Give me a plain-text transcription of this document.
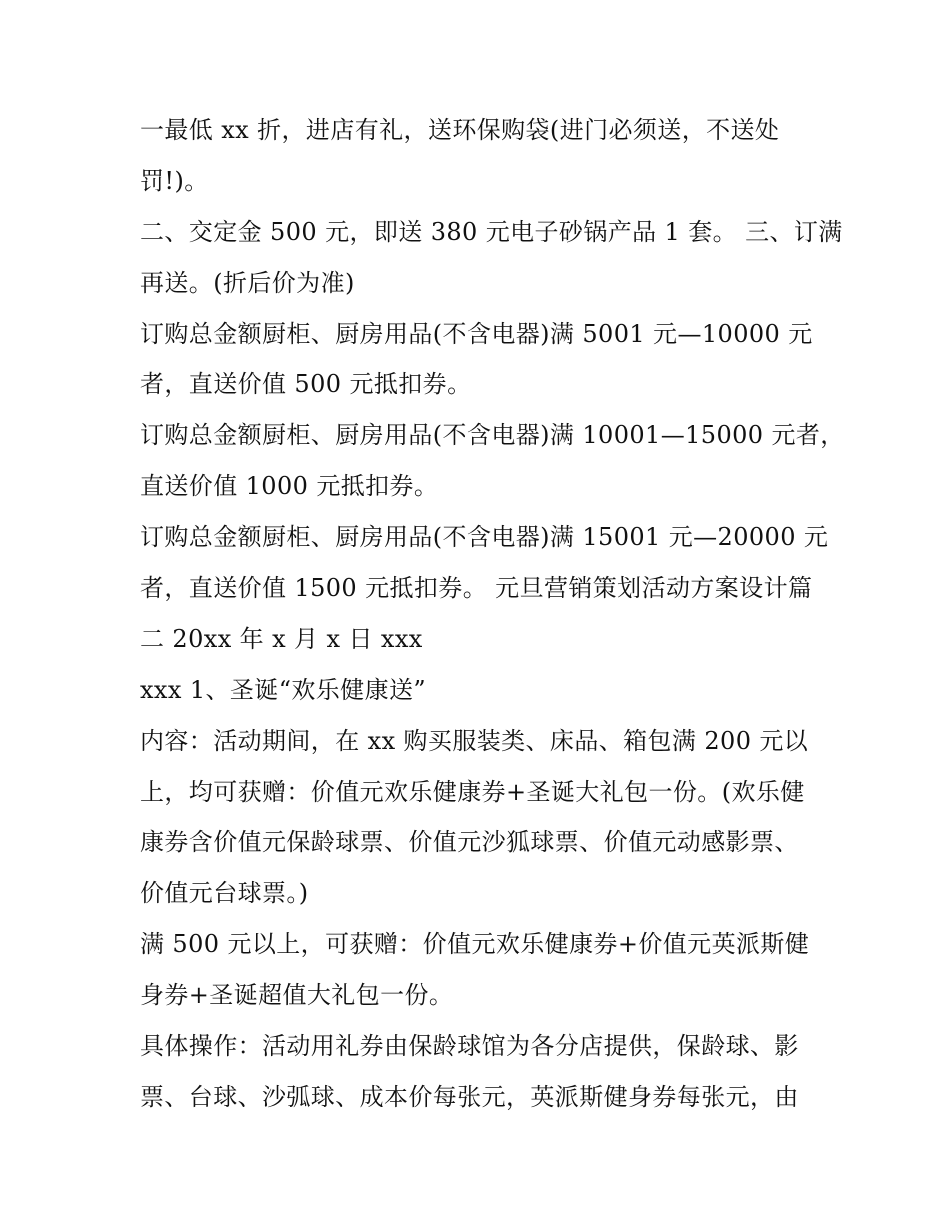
一最低 xx 折，进店有礼，送环保购袋(进门必须送，不送处
罚!)。
二、交定金 500 元，即送 380 元电子砂锅产品 1 套。 三、订满
再送。(折后价为准)
订购总金额厨柜、厨房用品(不含电器)满 5001 元—10000 元
者，直送价值 500 元抵扣券。
订购总金额厨柜、厨房用品(不含电器)满 10001—15000 元者，
直送价值 1000 元抵扣券。
订购总金额厨柜、厨房用品(不含电器)满 15001 元—20000 元
者，直送价值 1500 元抵扣券。 元旦营销策划活动方案设计篇
二 20xx 年 x 月 x 日 xxx
xxx 1、圣诞“欢乐健康送”
内容：活动期间，在 xx 购买服装类、床品、箱包满 200 元以
上，均可获赠：价值元欢乐健康券+圣诞大礼包一份。(欢乐健
康券含价值元保龄球票、价值元沙狐球票、价值元动感影票、
价值元台球票。)
满 500 元以上，可获赠：价值元欢乐健康券+价值元英派斯健
身券+圣诞超值大礼包一份。
具体操作：活动用礼券由保龄球馆为各分店提供，保龄球、影
票、台球、沙弧球、成本价每张元，英派斯健身券每张元，由
